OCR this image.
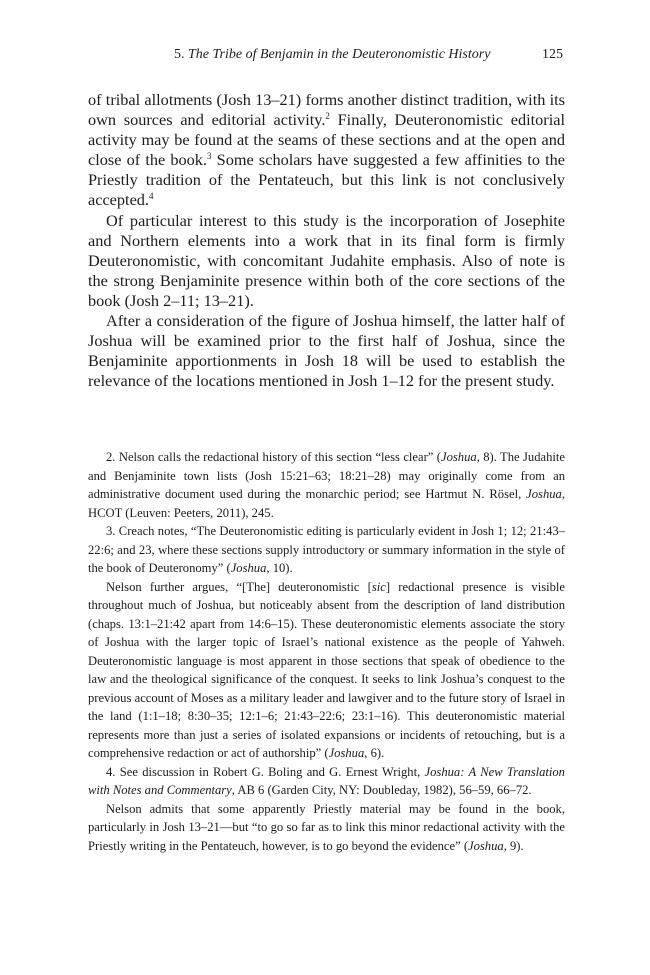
5. The Tribe of Benjamin in the Deuteronomistic History	125

of tribal allotments (Josh 13–21) forms another distinct tradition, with its own sources and editorial activity.$^2$ Finally, Deuteronomistic editorial activity may be found at the seams of these sections and at the open and close of the book.$^3$ Some scholars have suggested a few affinities to the Priestly tradition of the Pentateuch, but this link is not conclusively accepted.$^4$

Of particular interest to this study is the incorporation of Josephite and Northern elements into a work that in its final form is firmly Deuteronomistic, with concomitant Judahite emphasis. Also of note is the strong Benjaminite presence within both of the core sections of the book (Josh 2–11; 13–21).

After a consideration of the figure of Joshua himself, the latter half of Joshua will be examined prior to the first half of Joshua, since the Benjaminite apportionments in Josh 18 will be used to establish the relevance of the locations mentioned in Josh 1–12 for the present study.

2. Nelson calls the redactional history of this section “less clear” (Joshua, 8). The Judahite and Benjaminite town lists (Josh 15:21–63; 18:21–28) may originally come from an administrative document used during the monarchic period; see Hartmut N. Rösel, Joshua, HCOT (Leuven: Peeters, 2011), 245.

3. Creach notes, “The Deuteronomistic editing is particularly evident in Josh 1; 12; 21:43–22:6; and 23, where these sections supply introductory or summary information in the style of the book of Deuteronomy” (Joshua, 10).

Nelson further argues, “[The] deuteronomistic [sic] redactional presence is visible throughout much of Joshua, but noticeably absent from the description of land distribution (chaps. 13:1–21:42 apart from 14:6–15). These deuteronomistic elements associate the story of Joshua with the larger topic of Israel’s national existence as the people of Yahweh. Deuteronomistic language is most apparent in those sections that speak of obedience to the law and the theological significance of the conquest. It seeks to link Joshua’s conquest to the previous account of Moses as a military leader and lawgiver and to the future story of Israel in the land (1:1–18; 8:30–35; 12:1–6; 21:43–22:6; 23:1–16). This deuteronomistic material represents more than just a series of isolated expansions or incidents of retouching, but is a comprehensive redaction or act of authorship” (Joshua, 6).

4. See discussion in Robert G. Boling and G. Ernest Wright, Joshua: A New Translation with Notes and Commentary, AB 6 (Garden City, NY: Doubleday, 1982), 56–59, 66–72.

Nelson admits that some apparently Priestly material may be found in the book, particularly in Josh 13–21—but “to go so far as to link this minor redactional activity with the Priestly writing in the Pentateuch, however, is to go beyond the evidence” (Joshua, 9).
